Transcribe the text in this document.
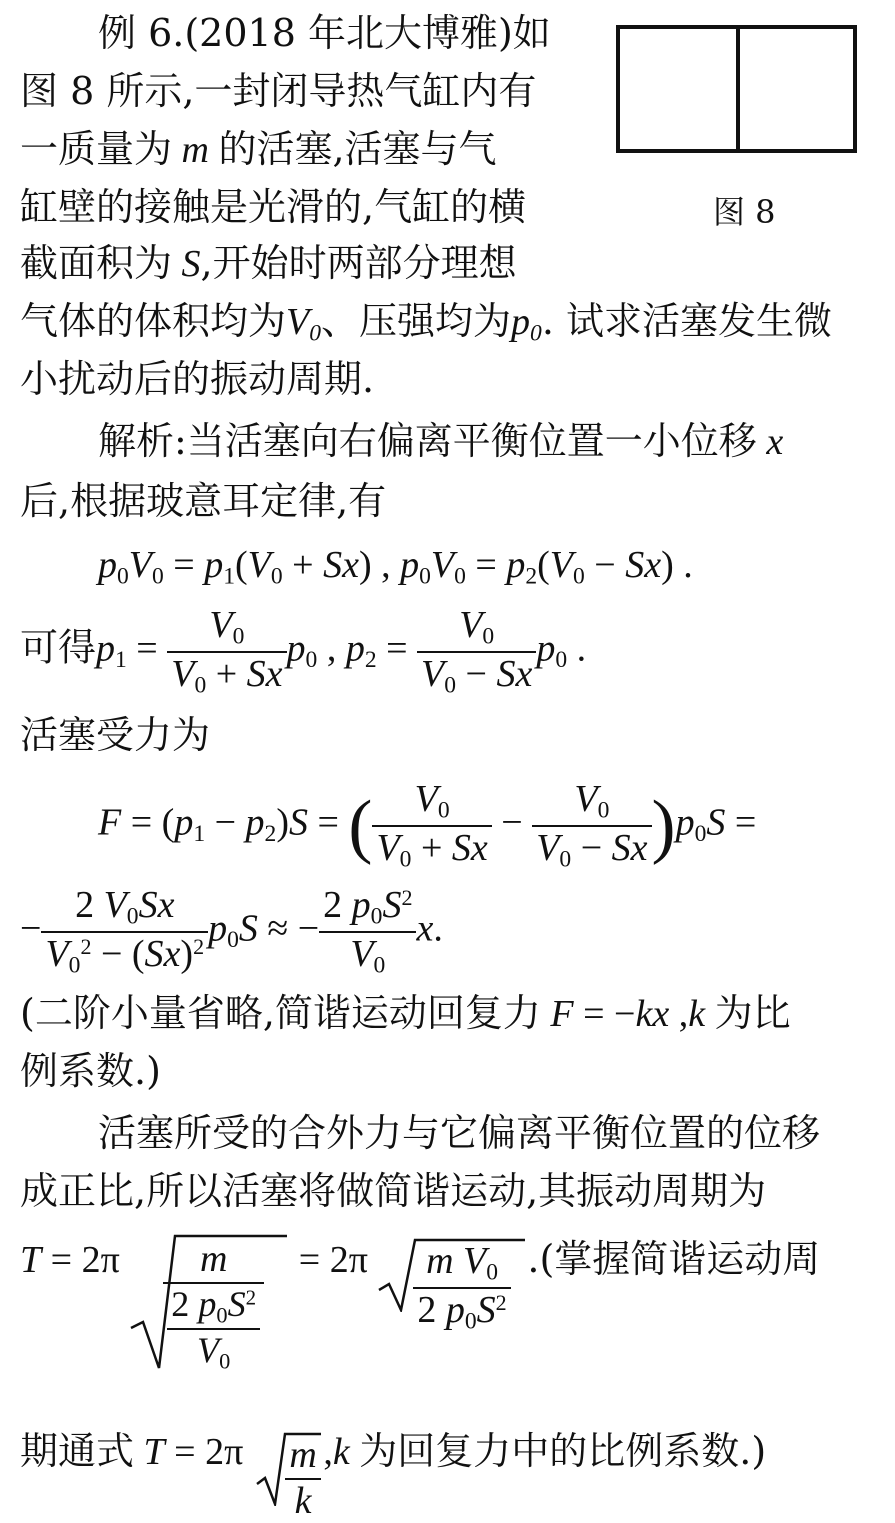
图 8
例 6.(2018 年北大博雅)如
图 8 所示,一封闭导热气缸内有
一质量为 m 的活塞,活塞与气
缸壁的接触是光滑的,气缸的横
截面积为 S,开始时两部分理想
气体的体积均为$V_0$、压强均为$p_0$. 试求活塞发生微
小扰动后的振动周期.
解析:当活塞向右偏离平衡位置一小位移 x
后,根据玻意耳定律,有
$p_0V_0 = p_1(V_0 + Sx)$ , $p_0V_0 = p_2(V_0 - Sx)$ .
可得$p_1 = \frac{V_0}{V_0 + Sx} p_0$ , $p_2 = \frac{V_0}{V_0 - Sx} p_0$ .
活塞受力为
$F = (p_1 - p_2)S$ = ( $\frac{V_0}{V_0 + Sx} - \frac{V_0}{V_0 - Sx} )p_0S$ =
− $\frac{2 V_0Sx}{V_0^2 - (Sx)^2} p_0S$ ≈ − $\frac{2 p_0S^2}{V_0} x$.
(二阶小量省略,简谐运动回复力 F = −kx ,k 为比
例系数.)
活塞所受的合外力与它偏离平衡位置的位移
成正比,所以活塞将做简谐运动,其振动周期为
$T = 2\pi \frac{m}{\frac{2 p_0S^2}{V_0}} = 2\pi \frac{m V_0}{2 p_0S^2}$ .(掌握简谐运动周
期通式 $T = 2\pi \frac{m}{k} ,k$ 为回复力中的比例系数.)
